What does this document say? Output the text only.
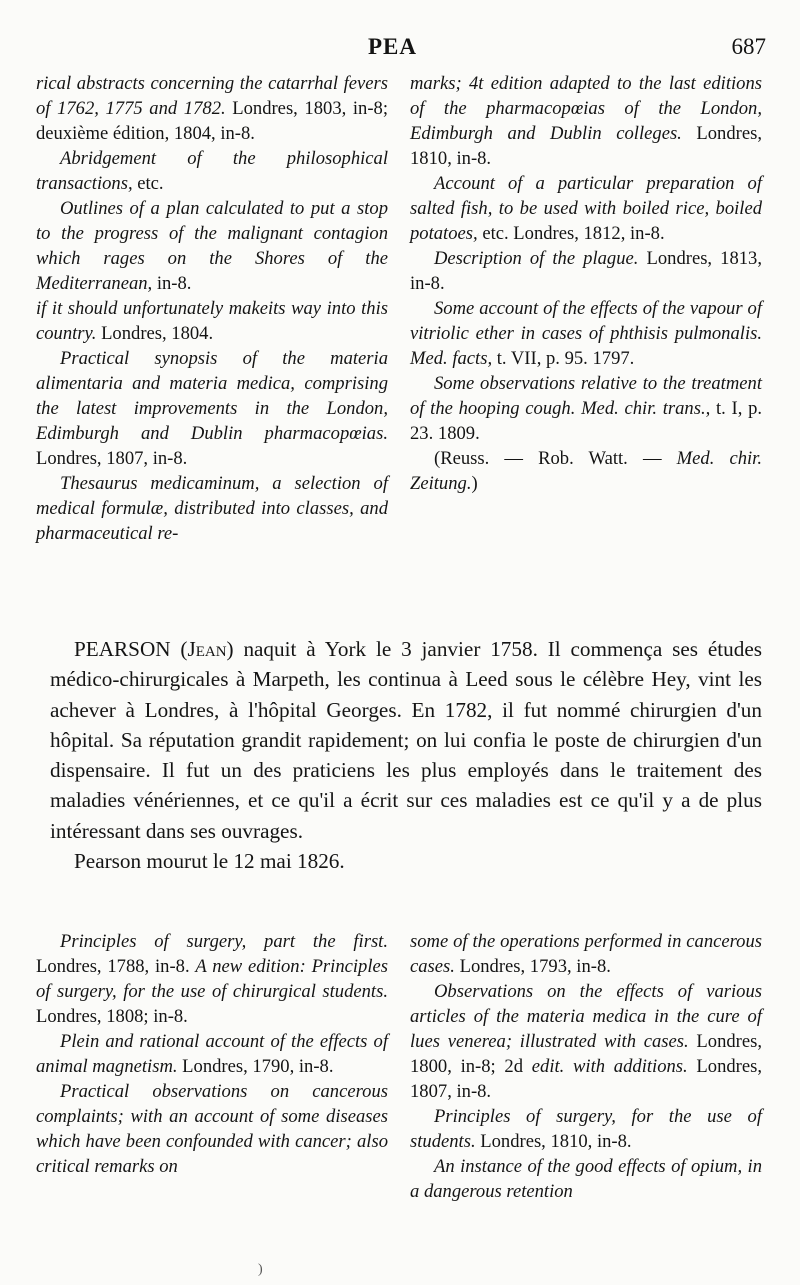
PEA	687

rical abstracts concerning the catarrhal fevers of 1762, 1775 and 1782. Londres, 1803, in-8; deuxième édition, 1804, in-8.

Abridgement of the philosophical transactions, etc.

Outlines of a plan calculated to put a stop to the progress of the malignant contagion which rages on the Shores of the Mediterranean, in-8.

if it should unfortunately makeits way into this country. Londres, 1804.

Practical synopsis of the materia alimentaria and materia medica, comprising the latest improvements in the London, Edimburgh and Dublin pharmacopœias. Londres, 1807, in-8.

Thesaurus medicaminum, a selection of medical formulæ, distributed into classes, and pharmaceutical re-

marks; 4t edition adapted to the last editions of the pharmacopœias of the London, Edimburgh and Dublin colleges. Londres, 1810, in-8.

Account of a particular preparation of salted fish, to be used with boiled rice, boiled potatoes, etc. Londres, 1812, in-8.

Description of the plague. Londres, 1813, in-8.

Some account of the effects of the vapour of vitriolic ether in cases of phthisis pulmonalis. Med. facts, t. VII, p. 95. 1797.

Some observations relative to the treatment of the hooping cough. Med. chir. trans., t. I, p. 23. 1809.

(Reuss. — Rob. Watt. — Med. chir. Zeitung.)

PEARSON (Jean) naquit à York le 3 janvier 1758. Il commença ses études médico-chirurgicales à Marpeth, les continua à Leed sous le célèbre Hey, vint les achever à Londres, à l'hôpital Georges. En 1782, il fut nommé chirurgien d'un hôpital. Sa réputation grandit rapidement; on lui confia le poste de chirurgien d'un dispensaire. Il fut un des praticiens les plus employés dans le traitement des maladies vénériennes, et ce qu'il a écrit sur ces maladies est ce qu'il y a de plus intéressant dans ses ouvrages.

Pearson mourut le 12 mai 1826.

Principles of surgery, part the first. Londres, 1788, in-8. A new edition: Principles of surgery, for the use of chirurgical students. Londres, 1808; in-8.

Plein and rational account of the effects of animal magnetism. Londres, 1790, in-8.

Practical observations on cancerous complaints; with an account of some diseases which have been confounded with cancer; also critical remarks on

some of the operations performed in cancerous cases. Londres, 1793, in-8.

Observations on the effects of various articles of the materia medica in the cure of lues venerea; illustrated with cases. Londres, 1800, in-8; 2d edit. with additions. Londres, 1807, in-8.

Principles of surgery, for the use of students. Londres, 1810, in-8.

An instance of the good effects of opium, in a dangerous retention

)
